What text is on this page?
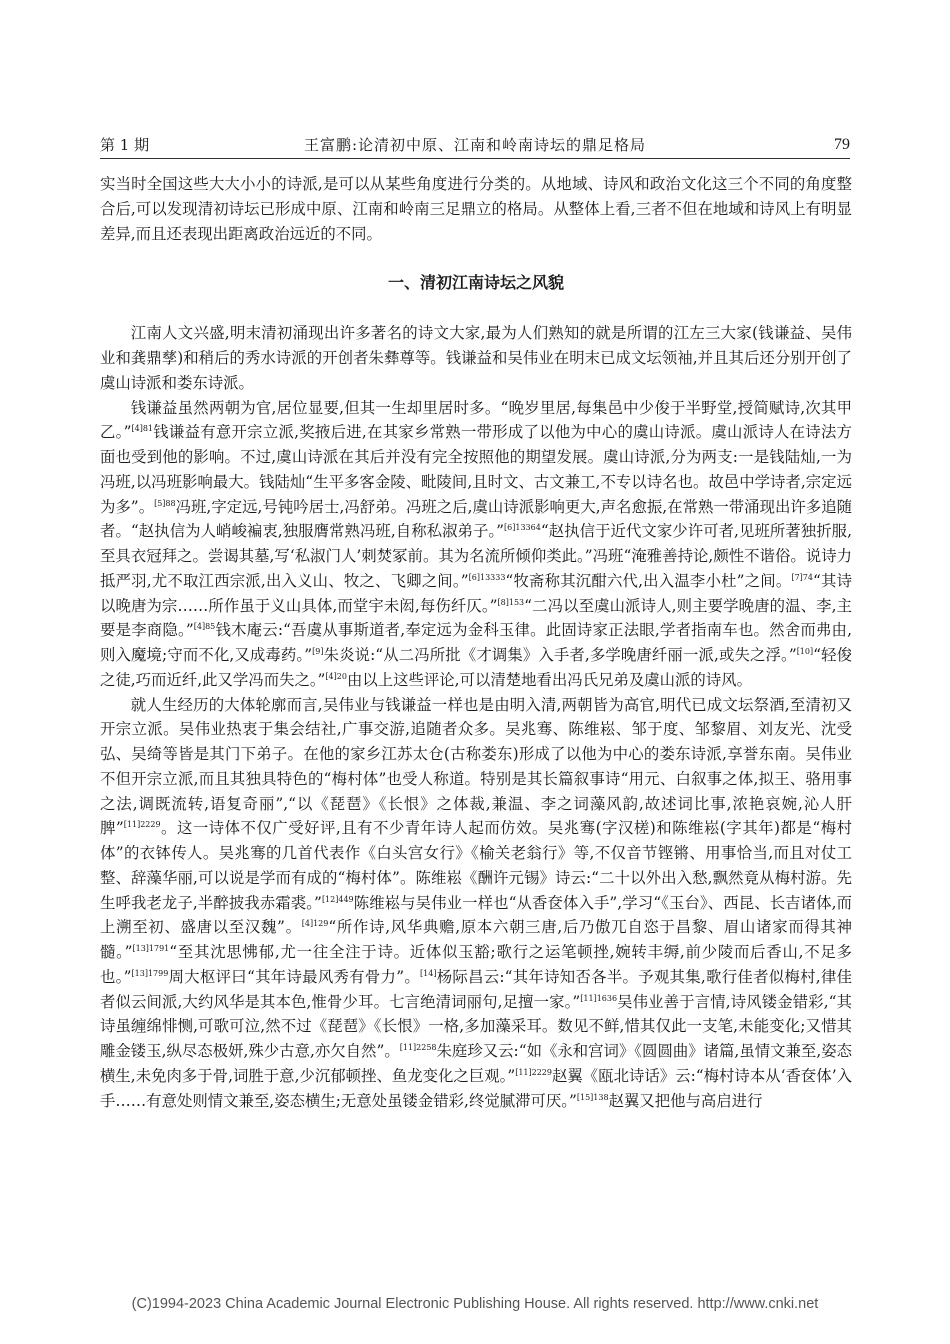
第 1 期	王富鹏:论清初中原、江南和岭南诗坛的鼎足格局	79

实当时全国这些大大小小的诗派,是可以从某些角度进行分类的。从地域、诗风和政治文化这三个不同的角度整合后,可以发现清初诗坛已形成中原、江南和岭南三足鼎立的格局。从整体上看,三者不但在地域和诗风上有明显差异,而且还表现出距离政治远近的不同。

一、清初江南诗坛之风貌

江南人文兴盛,明末清初涌现出许多著名的诗文大家,最为人们熟知的就是所谓的江左三大家(钱谦益、吴伟业和龚鼎孳)和稍后的秀水诗派的开创者朱彝尊等。钱谦益和吴伟业在明末已成文坛领袖,并且其后还分别开创了虞山诗派和娄东诗派。

钱谦益虽然两朝为官,居位显要,但其一生却里居时多。“晚岁里居,每集邑中少俊于半野堂,授简赋诗,次其甲乙。”$^{[4]81}$钱谦益有意开宗立派,奖掖后进,在其家乡常熟一带形成了以他为中心的虞山诗派。虞山派诗人在诗法方面也受到他的影响。不过,虞山诗派在其后并没有完全按照他的期望发展。虞山诗派,分为两支:一是钱陆灿,一为冯班,以冯班影响最大。钱陆灿“生平多客金陵、毗陵间,且时文、古文兼工,不专以诗名也。故邑中学诗者,宗定远为多”。$^{[5]88}$冯班,字定远,号钝吟居士,冯舒弟。冯班之后,虞山诗派影响更大,声名愈振,在常熟一带涌现出许多追随者。“赵执信为人峭峻褊衷,独服膺常熟冯班,自称私淑弟子。”$^{[6]13364}$“赵执信于近代文家少许可者,见班所著独折服,至具衣冠拜之。尝谒其墓,写‘私淑门人’刺焚冢前。其为名流所倾仰类此。”冯班“淹雅善持论,颇性不谐俗。说诗力抵严羽,尤不取江西宗派,出入义山、牧之、飞卿之间。”$^{[6]13333}$“牧斋称其沉酣六代,出入温李小杜”之间。$^{[7]74}$“其诗以晚唐为宗……所作虽于义山具体,而堂宇未闳,每伤纤仄。”$^{[8]153}$“二冯以至虞山派诗人,则主要学晚唐的温、李,主要是李商隐。”$^{[4]85}$钱木庵云:“吾虞从事斯道者,奉定远为金科玉律。此固诗家正法眼,学者指南车也。然舍而弗由,则入魔境;守而不化,又成毒药。”[9]朱炎说:“从二冯所批《才调集》入手者,多学晚唐纤丽一派,或失之浮。”[10]“轻俊之徒,巧而近纤,此又学冯而失之。”$^{[4]20}$由以上这些评论,可以清楚地看出冯氏兄弟及虞山派的诗风。

就人生经历的大体轮廓而言,吴伟业与钱谦益一样也是由明入清,两朝皆为高官,明代已成文坛祭酒,至清初又开宗立派。吴伟业热衷于集会结社,广事交游,追随者众多。吴兆骞、陈维崧、邹于度、邹黎眉、刘友光、沈受弘、吴绮等皆是其门下弟子。在他的家乡江苏太仓(古称娄东)形成了以他为中心的娄东诗派,享誉东南。吴伟业不但开宗立派,而且其独具特色的“梅村体”也受人称道。特别是其长篇叙事诗“用元、白叙事之体,拟王、骆用事之法,调既流转,语复奇丽”,“以《琵琶》《长恨》之体裁,兼温、李之词藻风韵,故述词比事,浓艳哀婉,沁人肝脾”$^{[11]2229}$。这一诗体不仅广受好评,且有不少青年诗人起而仿效。吴兆骞(字汉槎)和陈维崧(字其年)都是“梅村体”的衣钵传人。吴兆骞的几首代表作《白头宫女行》《榆关老翁行》等,不仅音节铿锵、用事恰当,而且对仗工整、辞藻华丽,可以说是学而有成的“梅村体”。陈维崧《酬许元锡》诗云:“二十以外出入愁,飘然竟从梅村游。先生呼我老龙子,半醉披我赤霜裘。”$^{[12]449}$陈维崧与吴伟业一样也“从香奁体入手”,学习“《玉台》、西昆、长吉诸体,而上溯至初、盛唐以至汉魏”。$^{[4]129}$“所作诗,风华典赡,原本六朝三唐,后乃傲兀自恣于昌黎、眉山诸家而得其神髓。”$^{[13]1791}$“至其沈思怫郁,尤一往全注于诗。近体似玉豁;歌行之运笔顿挫,婉转丰缛,前少陵而后香山,不足多也。”$^{[13]1799}$周大枢评曰“其年诗最风秀有骨力”。[14]杨际昌云:“其年诗知否各半。予观其集,歌行佳者似梅村,律佳者似云间派,大约风华是其本色,惟骨少耳。七言绝清词丽句,足擅一家。”$^{[11]1636}$吴伟业善于言情,诗风镂金错彩,“其诗虽缠绵悱恻,可歌可泣,然不过《琵琶》《长恨》一格,多加藻采耳。数见不鲜,惜其仅此一支笔,未能变化;又惜其雕金镂玉,纵尽态极妍,殊少古意,亦欠自然”。$^{[11]2258}$朱庭珍又云:“如《永和宫词》《圆圆曲》诸篇,虽情文兼至,姿态横生,未免肉多于骨,词胜于意,少沉郁顿挫、鱼龙变化之巨观。”$^{[11]2229}$赵翼《瓯北诗话》云:“梅村诗本从‘香奁体’入手……有意处则情文兼至,姿态横生;无意处虽镂金错彩,终觉腻滞可厌。”$^{[15]138}$赵翼又把他与高启进行

(C)1994-2023 China Academic Journal Electronic Publishing House. All rights reserved. http://www.cnki.net
